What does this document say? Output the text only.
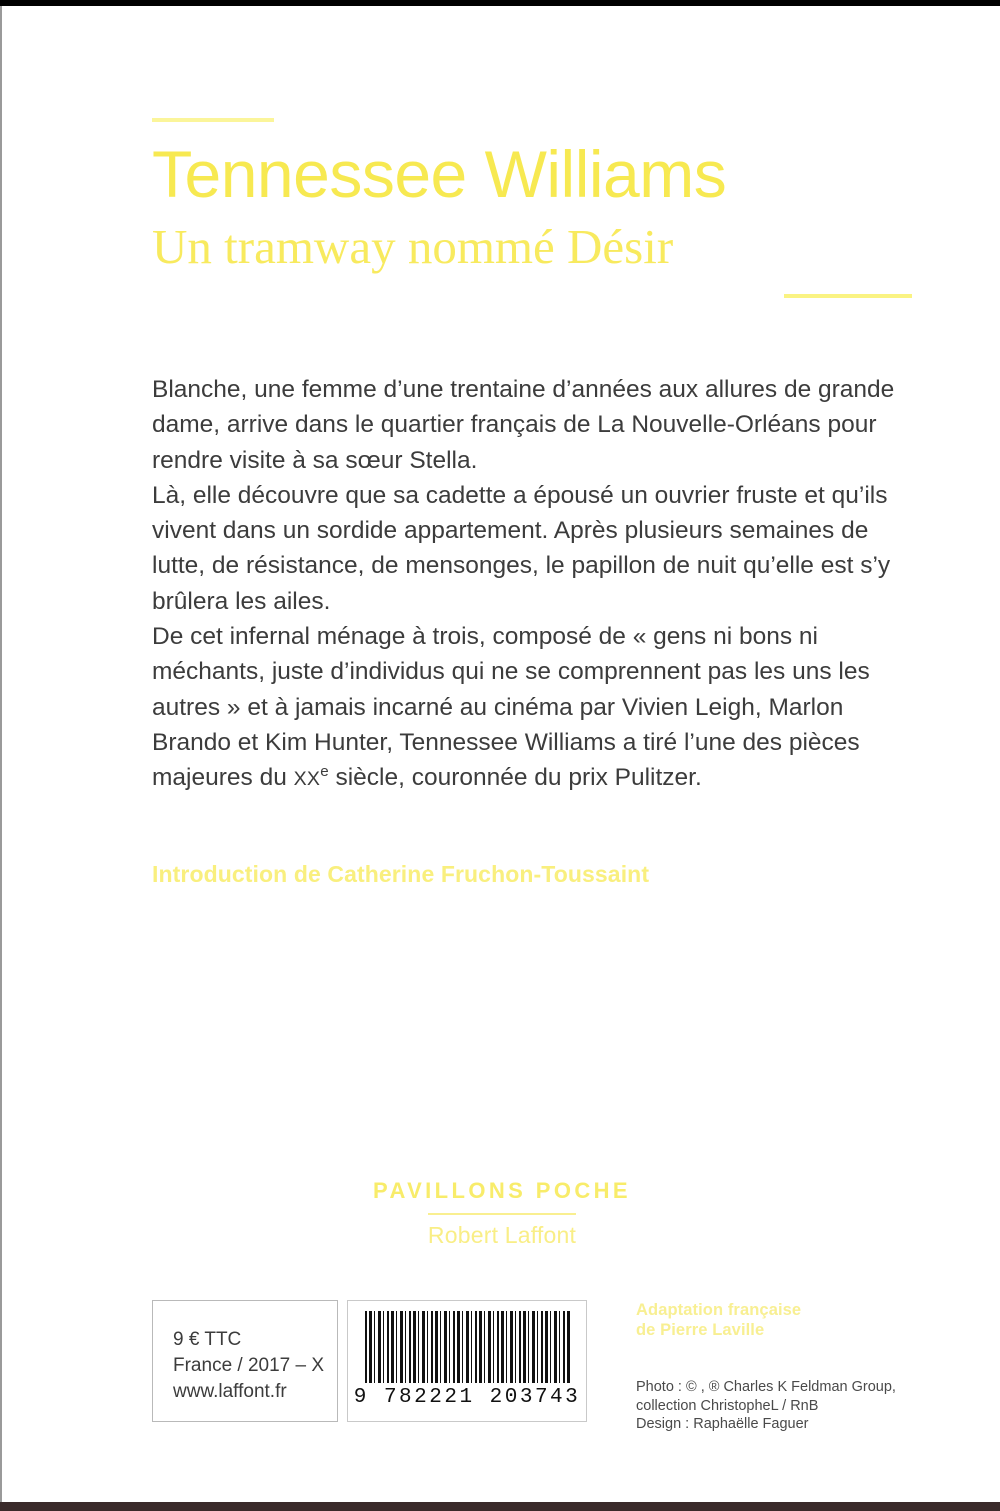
Tennessee Williams
Un tramway nommé Désir

Blanche, une femme d’une trentaine d’années aux allures de grande dame, arrive dans le quartier français de La Nouvelle-Orléans pour rendre visite à sa sœur Stella.

Là, elle découvre que sa cadette a épousé un ouvrier fruste et qu’ils vivent dans un sordide appartement. Après plusieurs semaines de lutte, de résistance, de mensonges, le papillon de nuit qu’elle est s’y brûlera les ailes.

De cet infernal ménage à trois, composé de « gens ni bons ni méchants, juste d’individus qui ne se comprennent pas les uns les autres » et à jamais incarné au cinéma par Vivien Leigh, Marlon Brando et Kim Hunter, Tennessee Williams a tiré l’une des pièces majeures du XXe siècle, couronnée du prix Pulitzer.

Introduction de Catherine Fruchon-Toussaint
PAVILLONS POCHE
Robert Laffont
9 € TTC
France / 2017 – X
www.laffont.fr	9 782221 203743
Adaptation française
de Pierre Laville
Photo : © , ® Charles K Feldman Group,
collection ChristopheL / RnB
Design : Raphaëlle Faguer
